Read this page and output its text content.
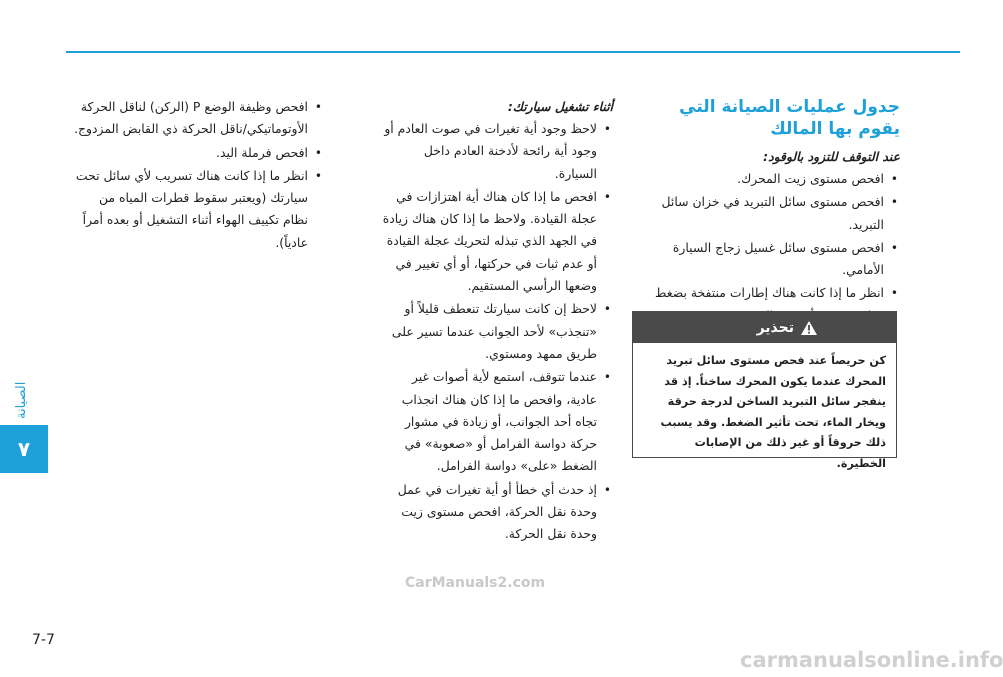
الصيانة
٧
7-7
جدول عمليات الصيانة التي يقوم بها المالك

عند التوقف للتزود بالوقود:

• افحص مستوى زيت المحرك.
• افحص مستوى سائل التبريد في خزان سائل التبريد.
• افحص مستوى سائل غسيل زجاج السيارة الأمامي.
• انظر ما إذا كانت هناك إطارات منتفخة بضغط
تحذير
كن حريصاً عند فحص مستوى سائل تبريد المحرك عندما يكون المحرك ساخناً. إذ قد ينفجر سائل التبريد الساخن لدرجة حرقة ويخار الماء، تحت تأثير الضغط. وقد يسبب ذلك حروقاً أو غير ذلك من الإصابات الخطيرة.

أثناء تشغيل سيارتك:

• لاحظ وجود أية تغيرات في صوت العادم أو وجود أية رائحة لأدخنة العادم داخل السيارة.
• افحص ما إذا كان هناك أية اهتزازات في عجلة القيادة. ولاحظ ما إذا كان هناك زيادة في الجهد الذي تبذله لتحريك عجلة القيادة أو عدم ثبات في حركتها، أو أي تغيير في وضعها الرأسي المستقيم.
• لاحظ إن كانت سيارتك تنعطف قليلاً أو «تنجذب» لأحد الجوانب عندما تسير على طريق ممهد ومستوي.
• عندما تتوقف، استمع لأية أصوات غير عادية، وافحص ما إذا كان هناك انجذاب تجاه أحد الجوانب، أو زيادة في مشوار حركة دواسة الفرامل أو «صعوبة» في الضغط «على» دواسة الفرامل.
• إذ حدث أي خطأ أو أية تغيرات في عمل وحدة نقل الحركة، افحص مستوى زيت وحدة نقل الحركة.
• افحص وظيفة الوضع P (الركن) لناقل الحركة الأوتوماتيكي/ناقل الحركة ذي القابض المزدوج.
• افحص فرملة اليد.
• انظر ما إذا كانت هناك تسريب لأي سائل تحت سيارتك (ويعتبر سقوط قطرات المياه من نظام تكييف الهواء أثناء التشغيل أو بعده أمراً عادياً).
CarManuals2.com
carmanualsonline.info
